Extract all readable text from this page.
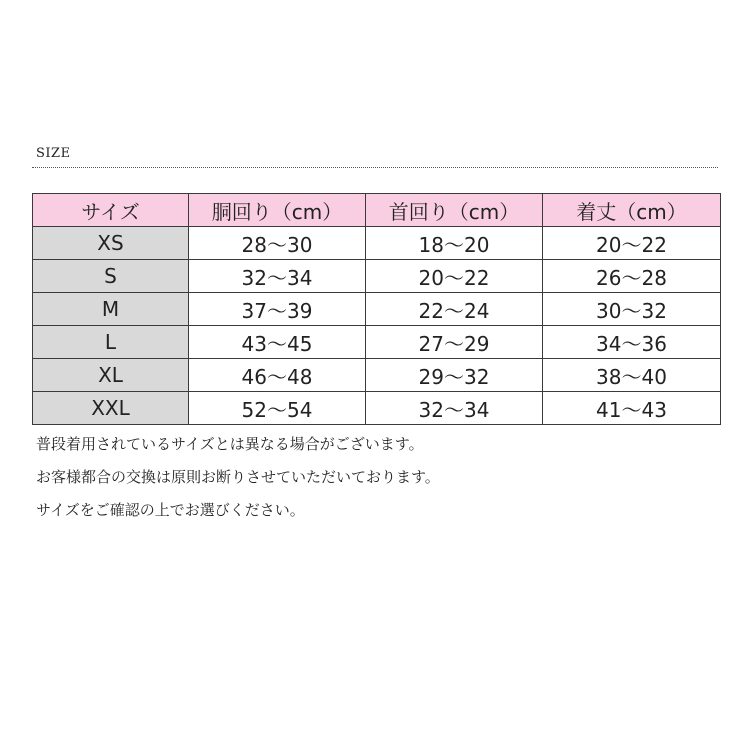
SIZE
サイズ	胴回り（cm）	首回り（cm）	着丈（cm）
XS	28〜30	18〜20	20〜22
S	32〜34	20〜22	26〜28
M	37〜39	22〜24	30〜32
L	43〜45	27〜29	34〜36
XL	46〜48	29〜32	38〜40
XXL	52〜54	32〜34	41〜43
普段着用されているサイズとは異なる場合がございます。
お客様都合の交換は原則お断りさせていただいております。
サイズをご確認の上でお選びください。
